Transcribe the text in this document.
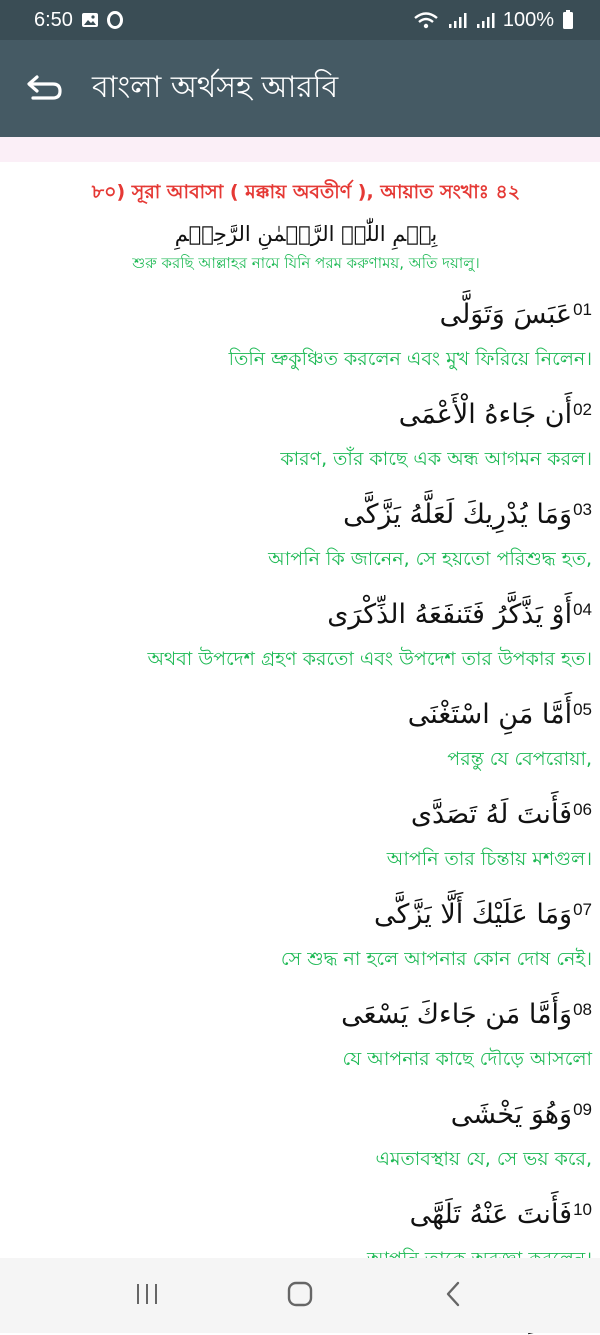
6:50	100%
বাংলা অর্থসহ আরবি
৮০) সূরা আবাসা ( মক্কায় অবতীর্ণ ), আয়াত সংখাঃ ৪২
بِسۡمِ اللّٰہِ الرَّحۡمٰنِ الرَّحِیۡمِ
শুরু করছি আল্লাহর নামে যিনি পরম করুণাময়, অতি দয়ালু।
عَبَسَ وَتَوَلَّى 01
তিনি ভ্রুকুঞ্চিত করলেন এবং মুখ ফিরিয়ে নিলেন।
أَن جَاءهُ الْأَعْمَى 02
কারণ, তাঁর কাছে এক অন্ধ আগমন করল।
وَمَا يُدْرِيكَ لَعَلَّهُ يَزَّكَّى 03
আপনি কি জানেন, সে হয়তো পরিশুদ্ধ হত,
أَوْ يَذَّكَّرُ فَتَنفَعَهُ الذِّكْرَى 04
অথবা উপদেশ গ্রহণ করতো এবং উপদেশ তার উপকার হত।
أَمَّا مَنِ اسْتَغْنَى 05
পরন্তু যে বেপরোয়া,
فَأَنتَ لَهُ تَصَدَّى 06
আপনি তার চিন্তায় মশগুল।
وَمَا عَلَيْكَ أَلَّا يَزَّكَّى 07
সে শুদ্ধ না হলে আপনার কোন দোষ নেই।
وَأَمَّا مَن جَاءكَ يَسْعَى 08
যে আপনার কাছে দৌড়ে আসলো
وَهُوَ يَخْشَى 09
এমতাবস্থায় যে, সে ভয় করে,
فَأَنتَ عَنْهُ تَلَهَّى 10
